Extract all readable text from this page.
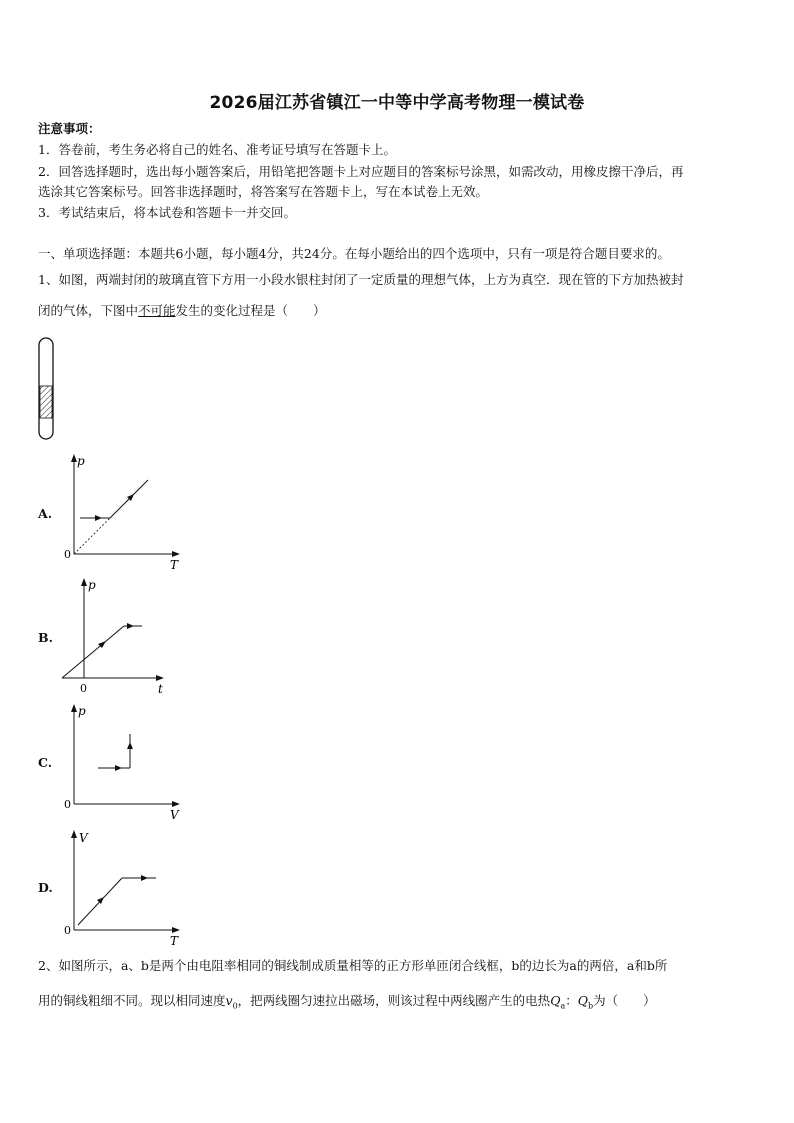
2026届江苏省镇江一中等中学高考物理一模试卷
注意事项：
1．答卷前，考生务必将自己的姓名、准考证号填写在答题卡上。
2．回答选择题时，选出每小题答案后，用铅笔把答题卡上对应题目的答案标号涂黑，如需改动，用橡皮擦干净后，再
选涂其它答案标号。回答非选择题时，将答案写在答题卡上，写在本试卷上无效。
3．考试结束后，将本试卷和答题卡一并交回。
一、单项选择题：本题共6小题，每小题4分，共24分。在每小题给出的四个选项中，只有一项是符合题目要求的。
1、如图，两端封闭的玻璃直管下方用一小段水银柱封闭了一定质量的理想气体，上方为真空．现在管的下方加热被封
闭的气体，下图中不可能发生的变化过程是（　　）
A.
p
T
0
B.
p
t
0
C.
p
V
0
D.
V
T
0
2、如图所示，a、b是两个由电阻率相同的铜线制成质量相等的正方形单匝闭合线框，b的边长为a的两倍，a和b所
用的铜线粗细不同。现以相同速度$v_0$，把两线圈匀速拉出磁场，则该过程中两线圈产生的电热$Q_a$：$Q_b$为（　　）
